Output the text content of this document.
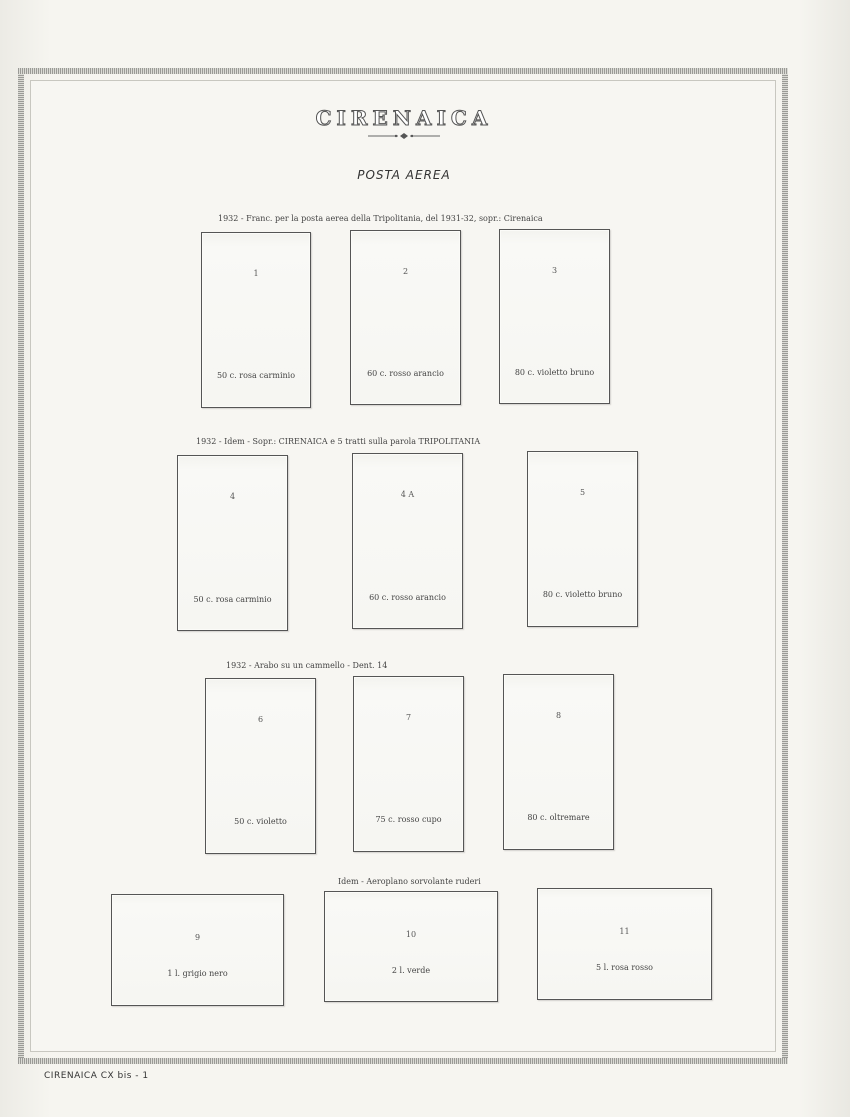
CIRENAICA
POSTA AEREA
1932 - Franc. per la posta aerea della Tripolitania, del 1931-32, sopr.: Cirenaica
1
50 c. rosa carminio
2
60 c. rosso arancio
3
80 c. violetto bruno
1932 - Idem - Sopr.: CIRENAICA e 5 tratti sulla parola TRIPOLITANIA
4
50 c. rosa carminio
4 A
60 c. rosso arancio
5
80 c. violetto bruno
1932 - Arabo su un cammello - Dent. 14
6
50 c. violetto
7
75 c. rosso cupo
8
80 c. oltremare
Idem - Aeroplano sorvolante ruderi
9
1 l. grigio nero
10
2 l. verde
11
5 l. rosa rosso
CIRENAICA CX bis - 1
